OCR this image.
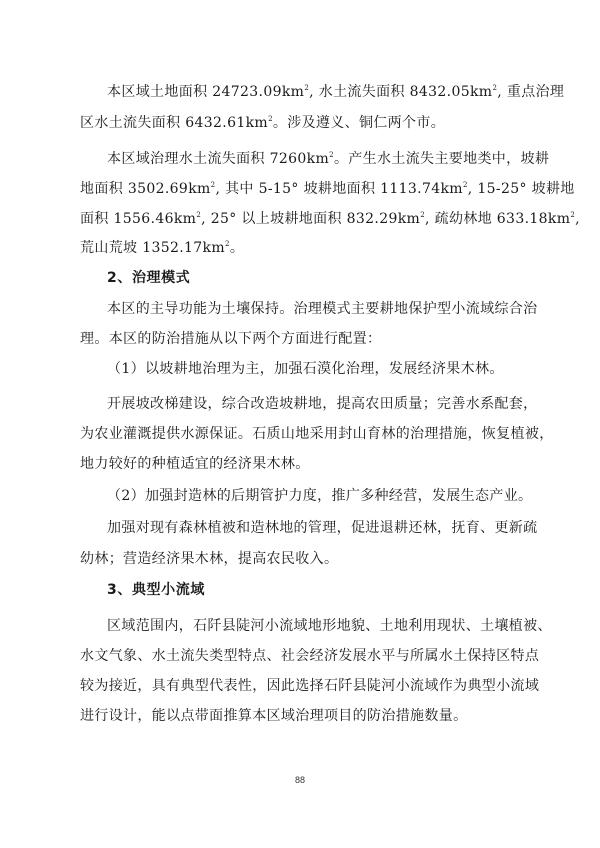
本区域土地面积 $24723.09km^2$, 水土流失面积 $8432.05km^2$, 重点治理
区水土流失面积 $6432.61km^2$。涉及遵义、铜仁两个市。
本区域治理水土流失面积 $7260km^2$。产生水土流失主要地类中，坡耕
地面积 $3502.69km^2$, 其中 5-15° 坡耕地面积 $1113.74km^2$, 15-25° 坡耕地
面积 $1556.46km^2$, 25° 以上坡耕地面积 $832.29km^2$, 疏幼林地 $633.18km^2$,
荒山荒坡 $1352.17km^2$。
2、治理模式
本区的主导功能为土壤保持。治理模式主要耕地保护型小流域综合治
理。本区的防治措施从以下两个方面进行配置：
（1）以坡耕地治理为主，加强石漠化治理，发展经济果木林。
开展坡改梯建设，综合改造坡耕地，提高农田质量；完善水系配套，
为农业灌溉提供水源保证。石质山地采用封山育林的治理措施，恢复植被，
地力较好的种植适宜的经济果木林。
（2）加强封造林的后期管护力度，推广多种经营，发展生态产业。
加强对现有森林植被和造林地的管理，促进退耕还林，抚育、更新疏
幼林；营造经济果木林，提高农民收入。
3、典型小流域
区域范围内，石阡县陡河小流域地形地貌、土地利用现状、土壤植被、
水文气象、水土流失类型特点、社会经济发展水平与所属水土保持区特点
较为接近，具有典型代表性，因此选择石阡县陡河小流域作为典型小流域
进行设计，能以点带面推算本区域治理项目的防治措施数量。
88
